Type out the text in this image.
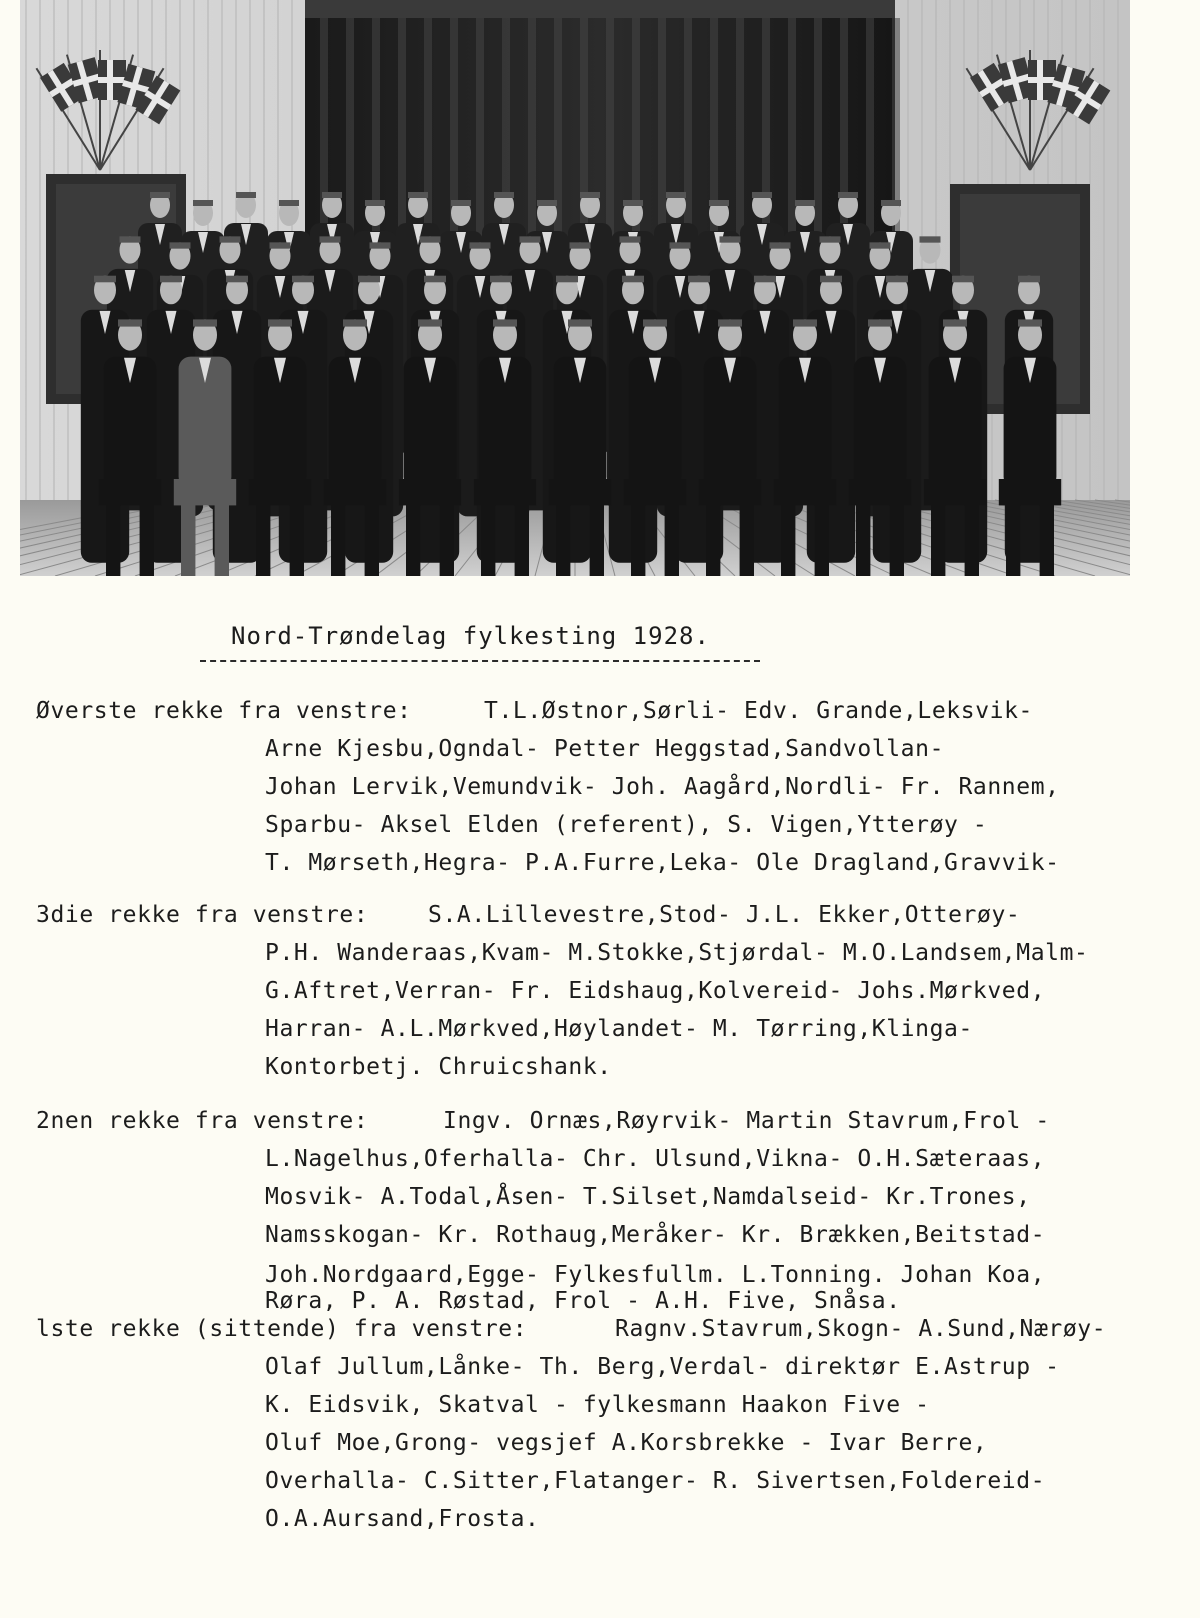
Nord-Trøndelag fylkesting 1928.
Øverste rekke fra venstre:	T.L.Østnor,Sørli- Edv. Grande,Leksvik-
Arne Kjesbu,Ogndal- Petter Heggstad,Sandvollan-
Johan Lervik,Vemundvik- Joh. Aagård,Nordli- Fr. Rannem,
Sparbu- Aksel Elden (referent), S. Vigen,Ytterøy -
T. Mørseth,Hegra- P.A.Furre,Leka- Ole Dragland,Gravvik-
3die rekke fra venstre:	S.A.Lillevestre,Stod- J.L. Ekker,Otterøy-
P.H. Wanderaas,Kvam- M.Stokke,Stjørdal- M.O.Landsem,Malm-
G.Aftret,Verran- Fr. Eidshaug,Kolvereid- Johs.Mørkved,
Harran- A.L.Mørkved,Høylandet- M. Tørring,Klinga-
Kontorbetj. Chruicshank.
2nen rekke fra venstre:	Ingv. Ornæs,Røyrvik- Martin Stavrum,Frol -
L.Nagelhus,Oferhalla- Chr. Ulsund,Vikna- O.H.Sæteraas,
Mosvik- A.Todal,Åsen- T.Silset,Namdalseid- Kr.Trones,
Namsskogan- Kr. Rothaug,Meråker- Kr. Brækken,Beitstad-
Joh.Nordgaard,Egge- Fylkesfullm. L.Tonning. Johan Koa,
Røra, P. A. Røstad, Frol - A.H. Five, Snåsa.
lste rekke (sittende) fra venstre:	Ragnv.Stavrum,Skogn- A.Sund,Nærøy-
Olaf Jullum,Lånke- Th. Berg,Verdal- direktør E.Astrup -
K. Eidsvik, Skatval - fylkesmann Haakon Five -
Oluf Moe,Grong- vegsjef A.Korsbrekke - Ivar Berre,
Overhalla- C.Sitter,Flatanger- R. Sivertsen,Foldereid-
O.A.Aursand,Frosta.
